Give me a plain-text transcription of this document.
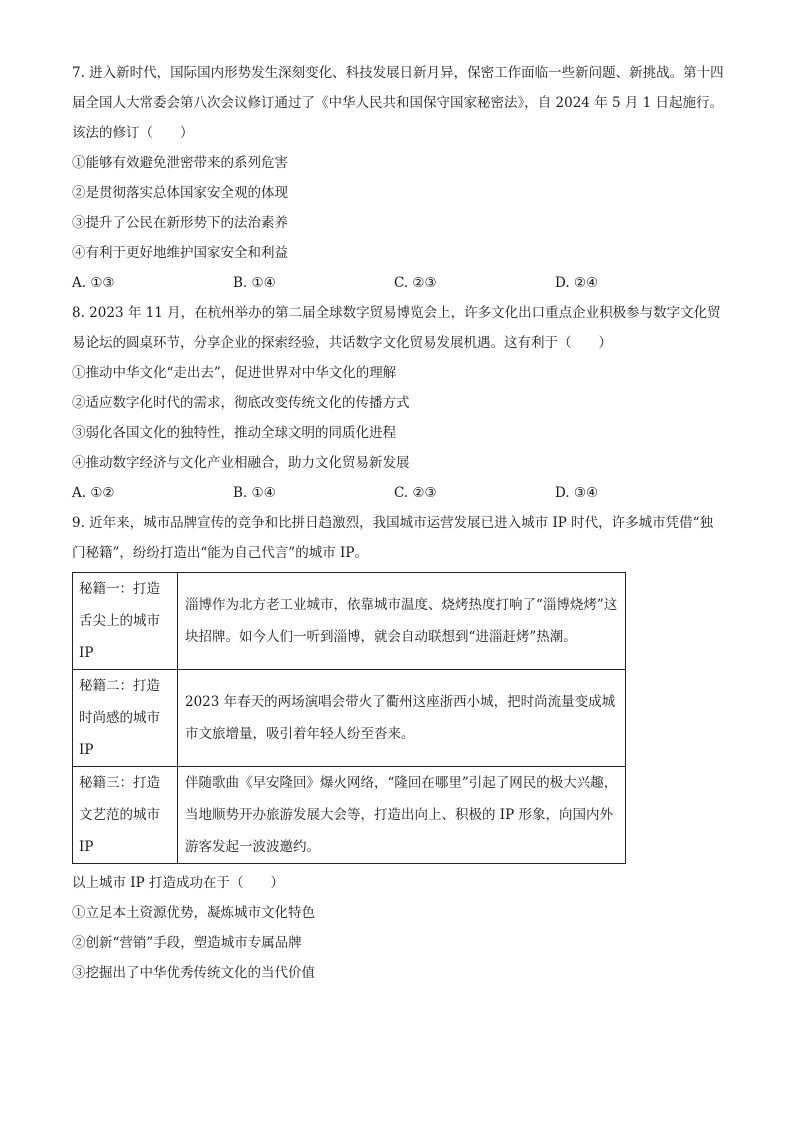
7. 进入新时代，国际国内形势发生深刻变化、科技发展日新月异，保密工作面临一些新问题、新挑战。第十四届全国人大常委会第八次会议修订通过了《中华人民共和国保守国家秘密法》，自 2024 年 5 月 1 日起施行。该法的修订（　　）
①能够有效避免泄密带来的系列危害
②是贯彻落实总体国家安全观的体现
③提升了公民在新形势下的法治素养
④有利于更好地维护国家安全和利益
A. ①③	B. ①④	C. ②③	D. ②④
8. 2023 年 11 月，在杭州举办的第二届全球数字贸易博览会上，许多文化出口重点企业积极参与数字文化贸易论坛的圆桌环节，分享企业的探索经验，共话数字文化贸易发展机遇。这有利于（　　）
①推动中华文化“走出去”，促进世界对中华文化的理解
②适应数字化时代的需求，彻底改变传统文化的传播方式
③弱化各国文化的独特性，推动全球文明的同质化进程
④推动数字经济与文化产业相融合，助力文化贸易新发展
A. ①②	B. ①④	C. ②③	D. ③④
9. 近年来，城市品牌宣传的竞争和比拼日趋激烈，我国城市运营发展已进入城市 IP 时代，许多城市凭借“独门秘籍”，纷纷打造出“能为自己代言”的城市 IP。
秘籍一：打造舌尖上的城市IP	淄博作为北方老工业城市，依靠城市温度、烧烤热度打响了“淄博烧烤”这块招牌。如今人们一听到淄博，就会自动联想到“进淄赶烤”热潮。
秘籍二：打造时尚感的城市IP	2023 年春天的两场演唱会带火了衢州这座浙西小城，把时尚流量变成城市文旅增量，吸引着年轻人纷至沓来。
秘籍三：打造文艺范的城市IP	伴随歌曲《早安隆回》爆火网络，“隆回在哪里”引起了网民的极大兴趣，当地顺势开办旅游发展大会等，打造出向上、积极的 IP 形象，向国内外游客发起一波波邀约。
以上城市 IP 打造成功在于（　　）
①立足本土资源优势，凝炼城市文化特色
②创新“营销”手段，塑造城市专属品牌
③挖掘出了中华优秀传统文化的当代价值
